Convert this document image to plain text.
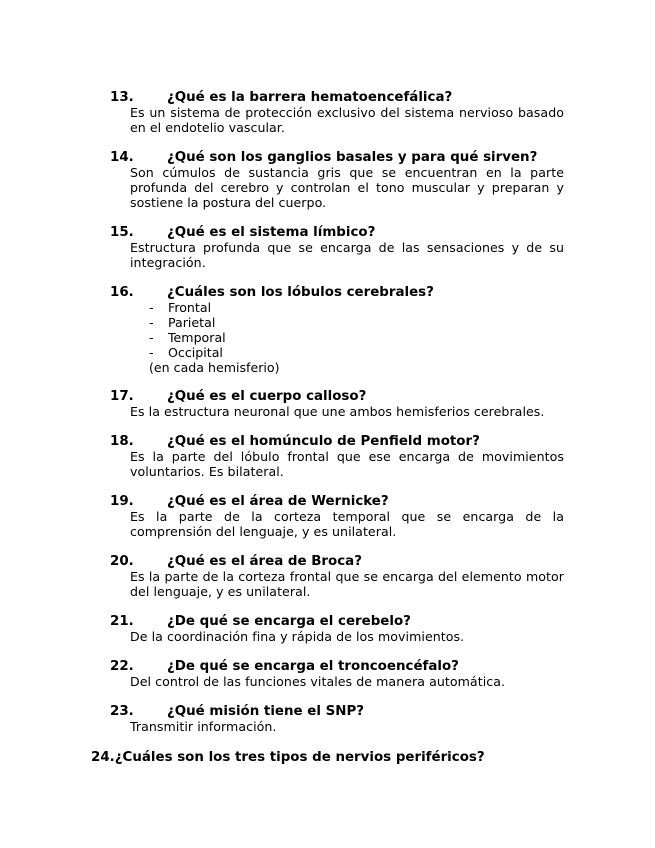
13. ¿Qué es la barrera hematoencefálica?
Es un sistema de protección exclusivo del sistema nervioso basado en el endotelio vascular.
14. ¿Qué son los ganglios basales y para qué sirven?
Son cúmulos de sustancia gris que se encuentran en la parte profunda del cerebro y controlan el tono muscular y preparan y sostiene la postura del cuerpo.
15. ¿Qué es el sistema límbico?
Estructura profunda que se encarga de las sensaciones y de su integración.
16. ¿Cuáles son los lóbulos cerebrales?
- Frontal
- Parietal
- Temporal
- Occipital
(en cada hemisferio)
17. ¿Qué es el cuerpo calloso?
Es la estructura neuronal que une ambos hemisferios cerebrales.
18. ¿Qué es el homúnculo de Penfield motor?
Es la parte del lóbulo frontal que ese encarga de movimientos voluntarios. Es bilateral.
19. ¿Qué es el área de Wernicke?
Es la parte de la corteza temporal que se encarga de la comprensión del lenguaje, y es unilateral.
20. ¿Qué es el área de Broca?
Es la parte de la corteza frontal que se encarga del elemento motor del lenguaje, y es unilateral.
21. ¿De qué se encarga el cerebelo?
De la coordinación fina y rápida de los movimientos.
22. ¿De qué se encarga el troncoencéfalo?
Del control de las funciones vitales de manera automática.
23. ¿Qué misión tiene el SNP?
Transmitir información.
24.¿Cuáles son los tres tipos de nervios periféricos?
